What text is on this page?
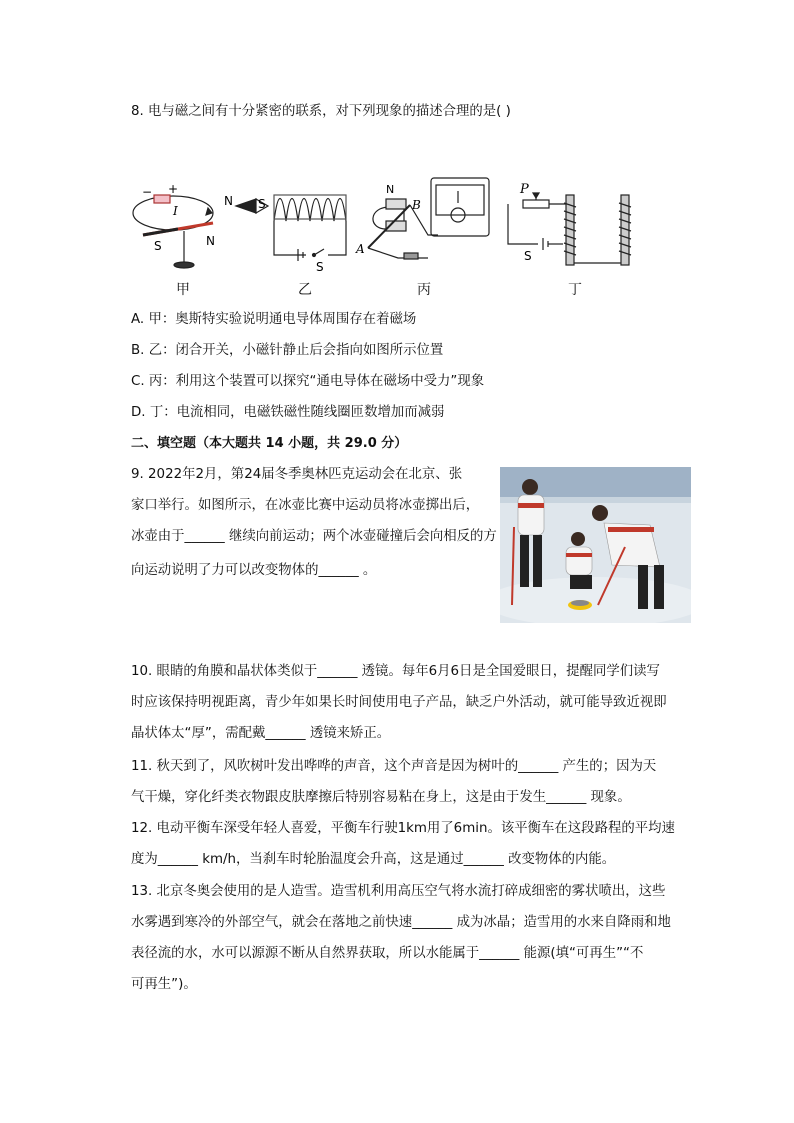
8. 电与磁之间有十分紧密的联系，对下列现象的描述合理的是( )
− +
I
S	N
N S
S
N
B
A
P
S
甲	乙	丙	丁
A. 甲：奥斯特实验说明通电导体周围存在着磁场
B. 乙：闭合开关，小磁针静止后会指向如图所示位置
C. 丙：利用这个装置可以探究“通电导体在磁场中受力”现象
D. 丁：电流相同，电磁铁磁性随线圈匝数增加而减弱
二、填空题（本大题共 14 小题，共 29.0 分）
9. 2022年2月，第24届冬季奥林匹克运动会在北京、张
家口举行。如图所示，在冰壶比赛中运动员将冰壶掷出后，
冰壶由于______ 继续向前运动；两个冰壶碰撞后会向相反的方
向运动说明了力可以改变物体的______ 。
10. 眼睛的角膜和晶状体类似于______ 透镜。每年6月6日是全国爱眼日，提醒同学们读写
时应该保持明视距离，青少年如果长时间使用电子产品，缺乏户外活动，就可能导致近视即
晶状体太“厚”，需配戴______ 透镜来矫正。
11. 秋天到了，风吹树叶发出哗哗的声音，这个声音是因为树叶的______ 产生的；因为天
气干燥，穿化纤类衣物跟皮肤摩擦后特别容易粘在身上，这是由于发生______ 现象。
12. 电动平衡车深受年轻人喜爱，平衡车行驶1km用了6min。该平衡车在这段路程的平均速
度为______ km/h，当刹车时轮胎温度会升高，这是通过______ 改变物体的内能。
13. 北京冬奥会使用的是人造雪。造雪机利用高压空气将水流打碎成细密的雾状喷出，这些
水雾遇到寒冷的外部空气，就会在落地之前快速______ 成为冰晶；造雪用的水来自降雨和地
表径流的水，水可以源源不断从自然界获取，所以水能属于______ 能源(填“可再生”“不
可再生”)。
